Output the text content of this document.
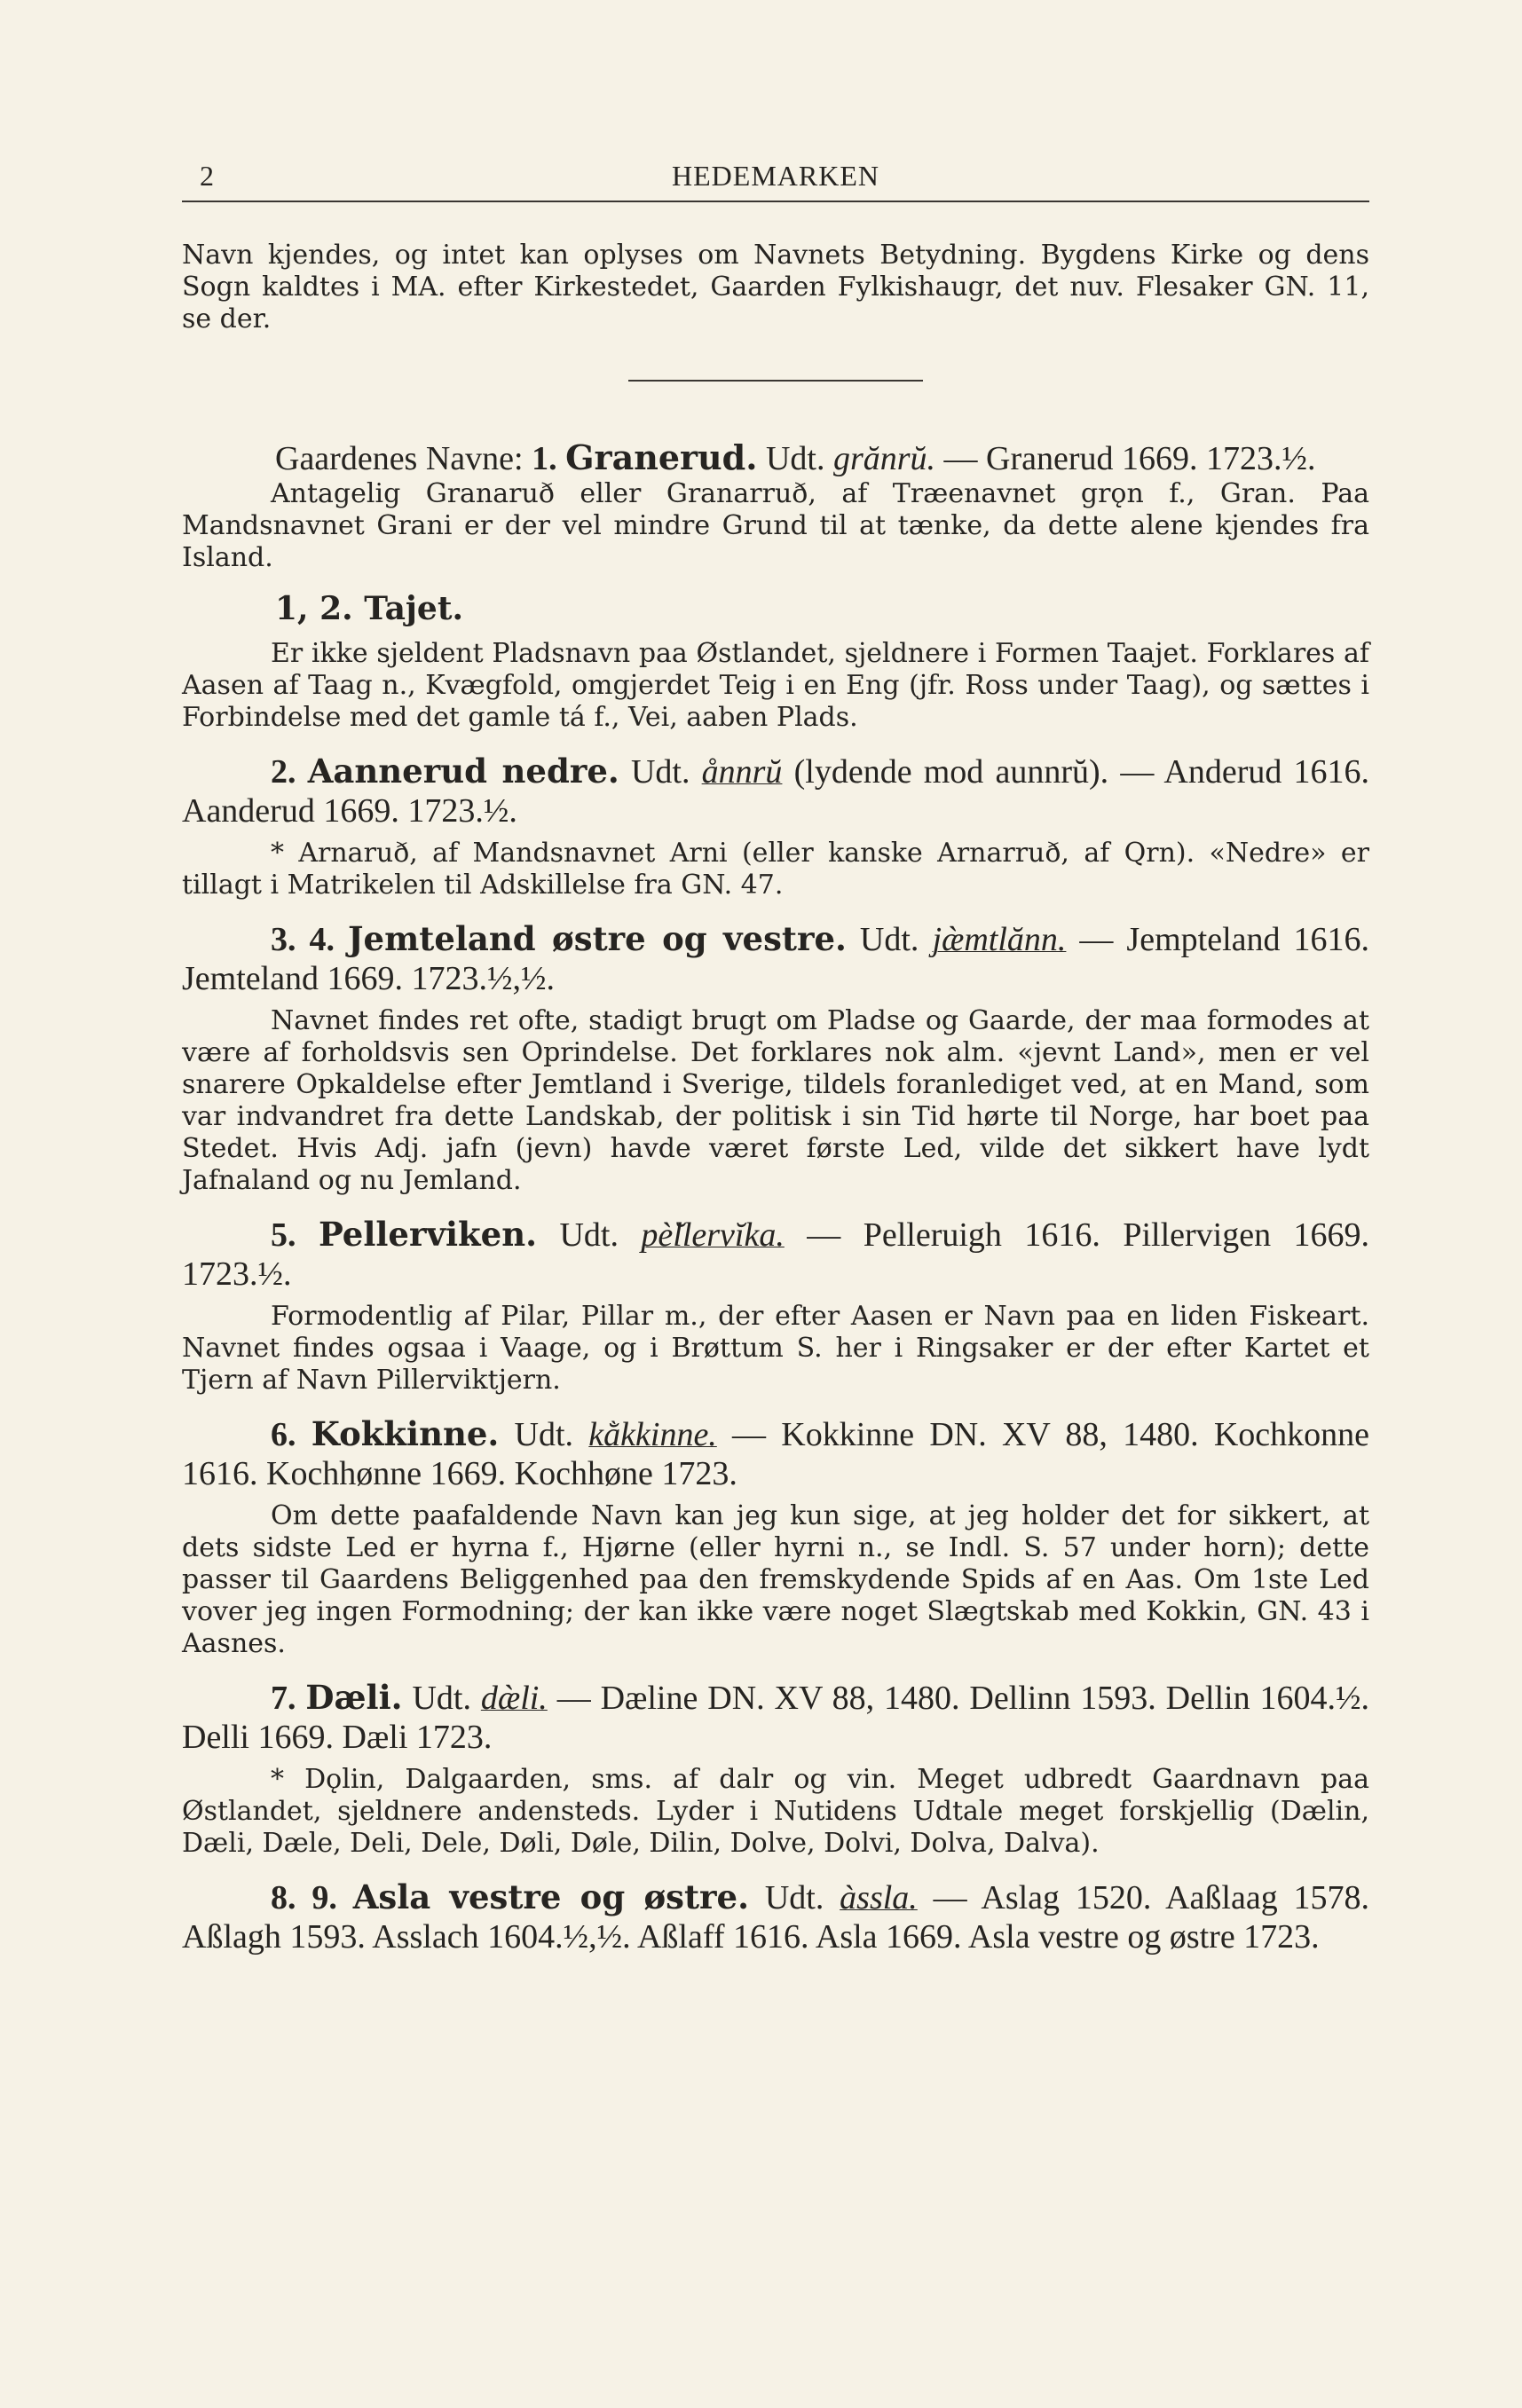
2	HEDEMARKEN

Navn kjendes, og intet kan oplyses om Navnets Betydning. Bygdens Kirke og dens Sogn kaldtes i MA. efter Kirkestedet, Gaarden Fylkishaugr, det nuv. Flesaker GN. 11, se der.

Gaardenes Navne: 1. Granerud. Udt. grănrŭ. — Granerud 1669. 1723.½.

Antagelig Granaruð eller Granarruð, af Træenavnet grǫn f., Gran. Paa Mandsnavnet Grani er der vel mindre Grund til at tænke, da dette alene kjendes fra Island.

1, 2. Tajet.

Er ikke sjeldent Pladsnavn paa Østlandet, sjeldnere i Formen Taajet. Forklares af Aasen af Taag n., Kvægfold, omgjerdet Teig i en Eng (jfr. Ross under Taag), og sættes i Forbindelse med det gamle tá f., Vei, aaben Plads.

2. Aannerud nedre. Udt. ånnrŭ (lydende mod aunnrŭ). — Anderud 1616. Aanderud 1669. 1723.½.

* Arnaruð, af Mandsnavnet Arni (eller kanske Arnarruð, af Qrn). «Nedre» er tillagt i Matrikelen til Adskillelse fra GN. 47.

3. 4. Jemteland østre og vestre. Udt. jæ̀mtlănn. — Jempteland 1616. Jemteland 1669. 1723.½,½.

Navnet findes ret ofte, stadigt brugt om Pladse og Gaarde, der maa formodes at være af forholdsvis sen Oprindelse. Det forklares nok alm. «jevnt Land», men er vel snarere Opkaldelse efter Jemtland i Sverige, tildels foranlediget ved, at en Mand, som var indvandret fra dette Landskab, der politisk i sin Tid hørte til Norge, har boet paa Stedet. Hvis Adj. jafn (jevn) havde været første Led, vilde det sikkert have lydt Jafnaland og nu Jemland.

5. Pellerviken. Udt. pè̆llervĭka. — Pelleruigh 1616. Pillervigen 1669. 1723.½.

Formodentlig af Pilar, Pillar m., der efter Aasen er Navn paa en liden Fiskeart. Navnet findes ogsaa i Vaage, og i Brøttum S. her i Ringsaker er der efter Kartet et Tjern af Navn Pillerviktjern.

6. Kokkinne. Udt. kằkkinne. — Kokkinne DN. XV 88, 1480. Kochkonne 1616. Kochhønne 1669. Kochhøne 1723.

Om dette paafaldende Navn kan jeg kun sige, at jeg holder det for sikkert, at dets sidste Led er hyrna f., Hjørne (eller hyrni n., se Indl. S. 57 under horn); dette passer til Gaardens Beliggenhed paa den fremskydende Spids af en Aas. Om 1ste Led vover jeg ingen Formodning; der kan ikke være noget Slægtskab med Kokkin, GN. 43 i Aasnes.

7. Dæli. Udt. dæ̀li. — Dæline DN. XV 88, 1480. Dellinn 1593. Dellin 1604.½. Delli 1669. Dæli 1723.

* Dǫlin, Dalgaarden, sms. af dalr og vin. Meget udbredt Gaardnavn paa Østlandet, sjeldnere andensteds. Lyder i Nutidens Udtale meget forskjellig (Dælin, Dæli, Dæle, Deli, Dele, Døli, Døle, Dilin, Dolve, Dolvi, Dolva, Dalva).

8. 9. Asla vestre og østre. Udt. àssla. — Aslag 1520. Aaßlaag 1578. Aßlagh 1593. Asslach 1604.½,½. Aßlaff 1616. Asla 1669. Asla vestre og østre 1723.
